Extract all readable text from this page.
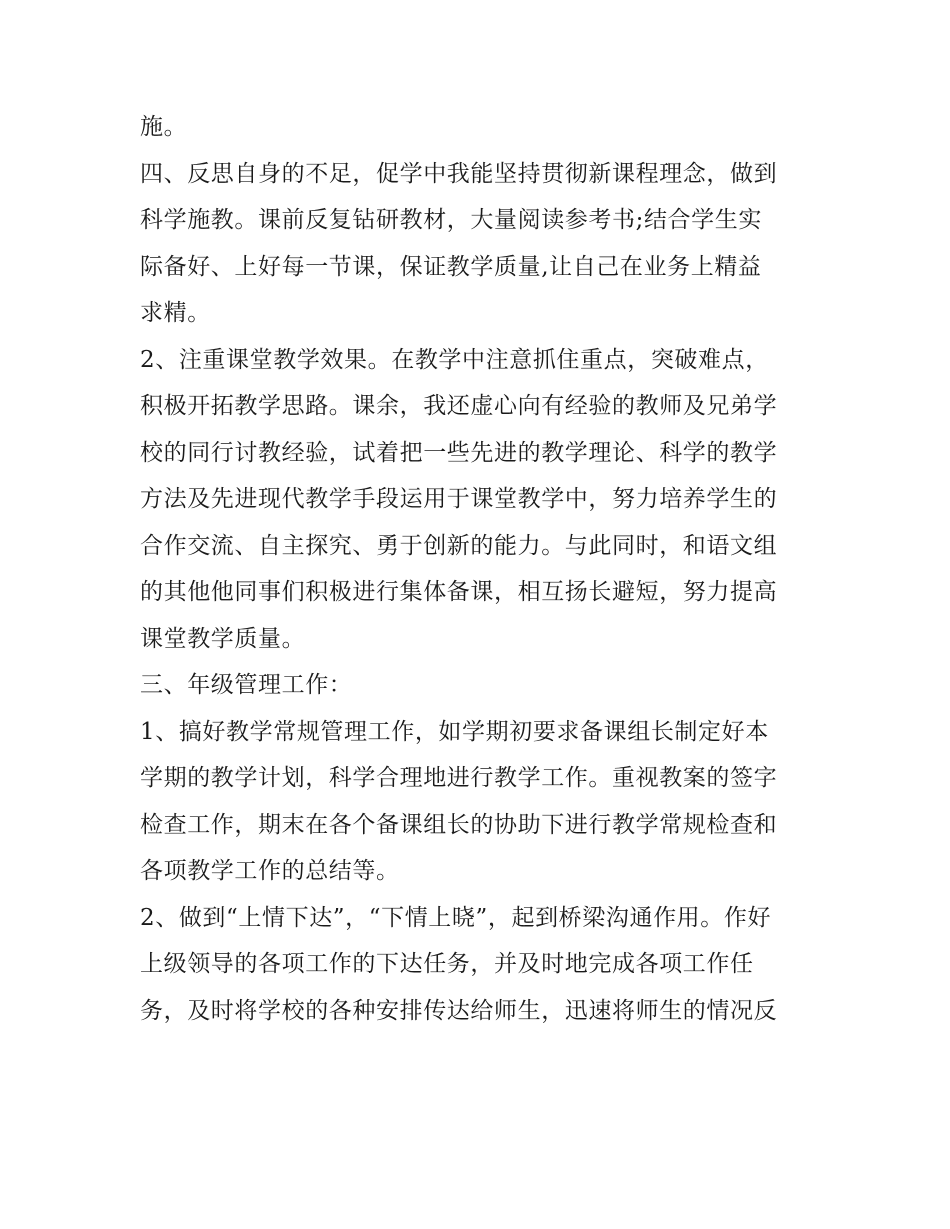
施。
四、反思自身的不足，促学中我能坚持贯彻新课程理念，做到
科学施教。课前反复钻研教材，大量阅读参考书;结合学生实
际备好、上好每一节课，保证教学质量,让自己在业务上精益
求精。
2、注重课堂教学效果。在教学中注意抓住重点，突破难点，
积极开拓教学思路。课余，我还虚心向有经验的教师及兄弟学
校的同行讨教经验，试着把一些先进的教学理论、科学的教学
方法及先进现代教学手段运用于课堂教学中，努力培养学生的
合作交流、自主探究、勇于创新的能力。与此同时，和语文组
的其他他同事们积极进行集体备课，相互扬长避短，努力提高
课堂教学质量。
三、年级管理工作：
1、搞好教学常规管理工作，如学期初要求备课组长制定好本
学期的教学计划，科学合理地进行教学工作。重视教案的签字
检查工作，期末在各个备课组长的协助下进行教学常规检查和
各项教学工作的总结等。
2、做到“上情下达”，“下情上晓”，起到桥梁沟通作用。作好
上级领导的各项工作的下达任务，并及时地完成各项工作任
务，及时将学校的各种安排传达给师生，迅速将师生的情况反
